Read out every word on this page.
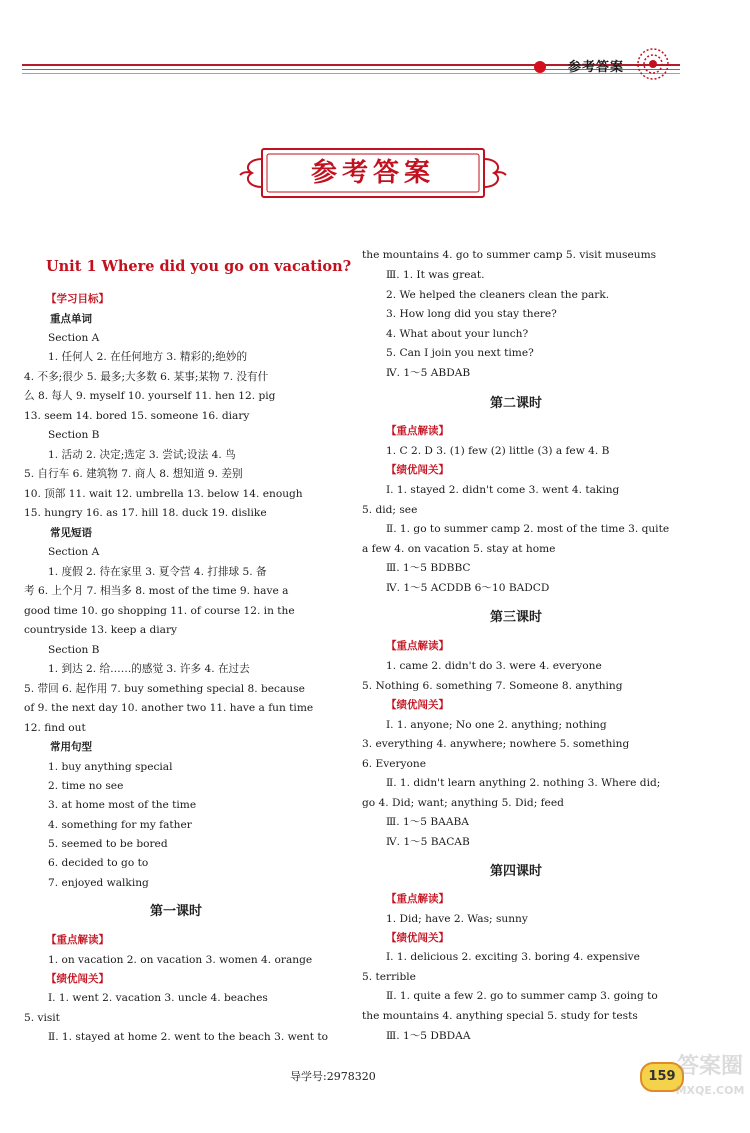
参考答案
参考答案
Unit 1 Where did you go on vacation?
【学习目标】
重点单词
Section A
1. 任何人 2. 在任何地方 3. 精彩的;绝妙的
4. 不多;很少 5. 最多;大多数 6. 某事;某物 7. 没有什
么 8. 每人 9. myself 10. yourself 11. hen 12. pig
13. seem 14. bored 15. someone 16. diary
Section B
1. 活动 2. 决定;选定 3. 尝试;设法 4. 鸟
5. 自行车 6. 建筑物 7. 商人 8. 想知道 9. 差别
10. 顶部 11. wait 12. umbrella 13. below 14. enough
15. hungry 16. as 17. hill 18. duck 19. dislike
常见短语
Section A
1. 度假 2. 待在家里 3. 夏令营 4. 打排球 5. 备
考 6. 上个月 7. 相当多 8. most of the time 9. have a
good time 10. go shopping 11. of course 12. in the
countryside 13. keep a diary
Section B
1. 到达 2. 给……的感觉 3. 许多 4. 在过去
5. 带回 6. 起作用 7. buy something special 8. because
of 9. the next day 10. another two 11. have a fun time
12. find out
常用句型
1. buy anything special
2. time no see
3. at home most of the time
4. something for my father
5. seemed to be bored
6. decided to go to
7. enjoyed walking
第一课时
【重点解读】
1. on vacation 2. on vacation 3. women 4. orange
【绩优闯关】
Ⅰ. 1. went 2. vacation 3. uncle 4. beaches
5. visit
Ⅱ. 1. stayed at home 2. went to the beach 3. went to
the mountains 4. go to summer camp 5. visit museums
Ⅲ. 1. It was great.
2. We helped the cleaners clean the park.
3. How long did you stay there?
4. What about your lunch?
5. Can I join you next time?
Ⅳ. 1～5 ABDAB
第二课时
【重点解读】
1. C 2. D 3. (1) few (2) little (3) a few 4. B
【绩优闯关】
Ⅰ. 1. stayed 2. didn't come 3. went 4. taking
5. did; see
Ⅱ. 1. go to summer camp 2. most of the time 3. quite
a few 4. on vacation 5. stay at home
Ⅲ. 1～5 BDBBC
Ⅳ. 1～5 ACDDB 6～10 BADCD
第三课时
【重点解读】
1. came 2. didn't do 3. were 4. everyone
5. Nothing 6. something 7. Someone 8. anything
【绩优闯关】
Ⅰ. 1. anyone; No one 2. anything; nothing
3. everything 4. anywhere; nowhere 5. something
6. Everyone
Ⅱ. 1. didn't learn anything 2. nothing 3. Where did;
go 4. Did; want; anything 5. Did; feed
Ⅲ. 1～5 BAABA
Ⅳ. 1～5 BACAB
第四课时
【重点解读】
1. Did; have 2. Was; sunny
【绩优闯关】
Ⅰ. 1. delicious 2. exciting 3. boring 4. expensive
5. terrible
Ⅱ. 1. quite a few 2. go to summer camp 3. going to
the mountains 4. anything special 5. study for tests
Ⅲ. 1～5 DBDAA
导学号:2978320	159 答案圈
MXQE.COM
